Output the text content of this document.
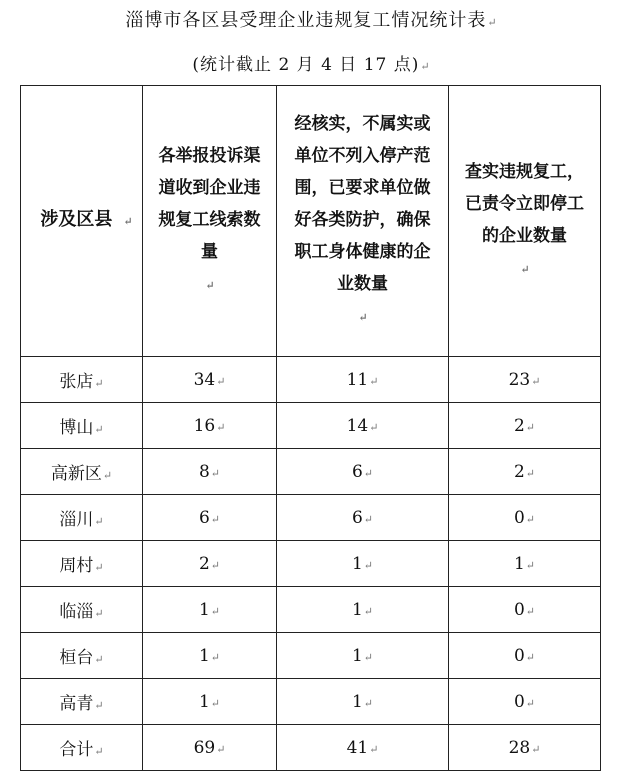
淄博市各区县受理企业违规复工情况统计表↵
(统计截止 2 月 4 日 17 点)↵
涉及区县 ↵	各举报投诉渠道收到企业违规复工线索数量↵	经核实，不属实或单位不列入停产范围，已要求单位做好各类防护，确保职工身体健康的企业数量↵	查实违规复工，已责令立即停工的企业数量↵
张店↵	34↵	11↵	23↵
博山↵	16↵	14↵	2↵
高新区↵	8↵	6↵	2↵
淄川↵	6↵	6↵	0↵
周村↵	2↵	1↵	1↵
临淄↵	1↵	1↵	0↵
桓台↵	1↵	1↵	0↵
高青↵	1↵	1↵	0↵
合计↵	69↵	41↵	28↵
